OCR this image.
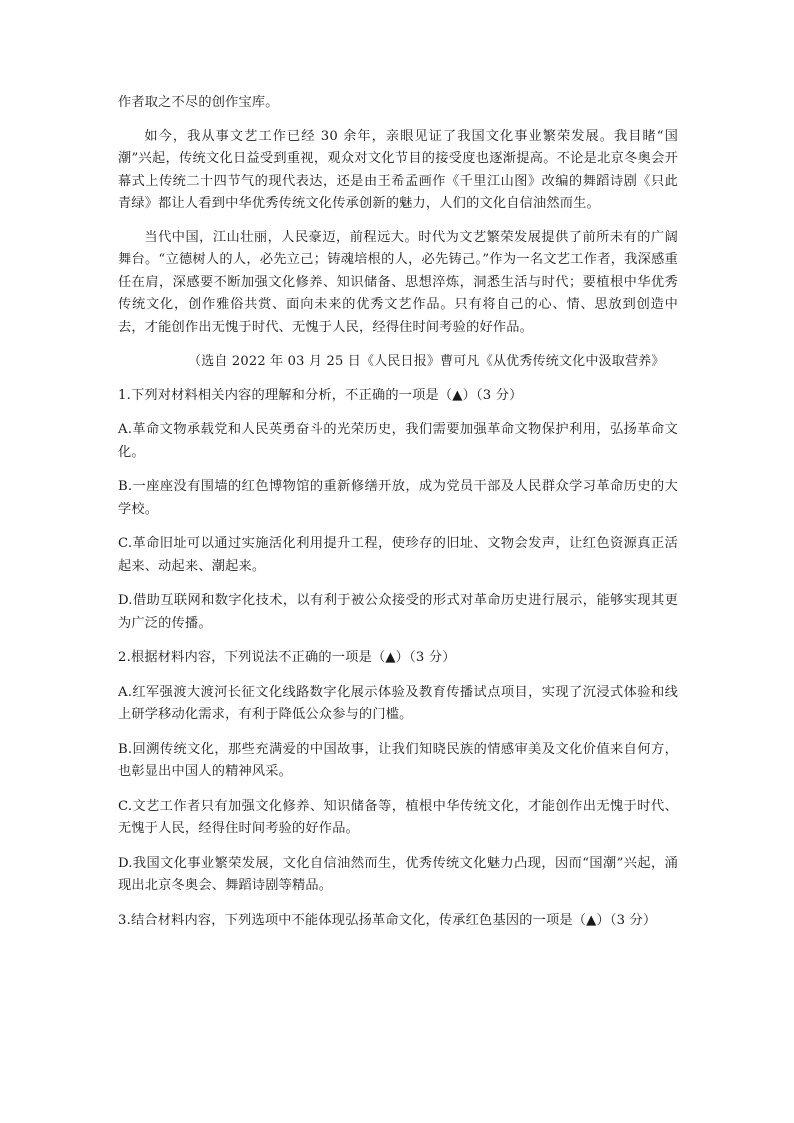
作者取之不尽的创作宝库。

如今，我从事文艺工作已经 30 余年，亲眼见证了我国文化事业繁荣发展。我目睹“国潮”兴起，传统文化日益受到重视，观众对文化节目的接受度也逐渐提高。不论是北京冬奥会开幕式上传统二十四节气的现代表达，还是由王希孟画作《千里江山图》改编的舞蹈诗剧《只此青绿》都让人看到中华优秀传统文化传承创新的魅力，人们的文化自信油然而生。

当代中国，江山壮丽，人民豪迈，前程远大。时代为文艺繁荣发展提供了前所未有的广阔舞台。“立德树人的人，必先立己；铸魂培根的人，必先铸己。”作为一名文艺工作者，我深感重任在肩，深感要不断加强文化修养、知识储备、思想淬炼，洞悉生活与时代；要植根中华优秀传统文化，创作雅俗共赏、面向未来的优秀文艺作品。只有将自己的心、情、思放到创造中去，才能创作出无愧于时代、无愧于人民，经得住时间考验的好作品。

（选自 2022 年 03 月 25 日《人民日报》曹可凡《从优秀传统文化中汲取营养》

1.下列对材料相关内容的理解和分析，不正确的一项是（▲）（3 分）

A.革命文物承载党和人民英勇奋斗的光荣历史，我们需要加强革命文物保护利用，弘扬革命文化。

B.一座座没有围墙的红色博物馆的重新修缮开放，成为党员干部及人民群众学习革命历史的大学校。

C.革命旧址可以通过实施活化利用提升工程，使珍存的旧址、文物会发声，让红色资源真正活起来、动起来、潮起来。

D.借助互联网和数字化技术，以有利于被公众接受的形式对革命历史进行展示，能够实现其更为广泛的传播。

2.根据材料内容，下列说法不正确的一项是（▲）（3 分）

A.红军强渡大渡河长征文化线路数字化展示体验及教育传播试点项目，实现了沉浸式体验和线上研学移动化需求，有利于降低公众参与的门槛。

B.回溯传统文化，那些充满爱的中国故事，让我们知晓民族的情感审美及文化价值来自何方，也彰显出中国人的精神风采。

C.文艺工作者只有加强文化修养、知识储备等，植根中华传统文化，才能创作出无愧于时代、无愧于人民，经得住时间考验的好作品。

D.我国文化事业繁荣发展，文化自信油然而生，优秀传统文化魅力凸现，因而“国潮”兴起，涌现出北京冬奥会、舞蹈诗剧等精品。

3.结合材料内容，下列选项中不能体现弘扬革命文化，传承红色基因的一项是（▲）（3 分）
